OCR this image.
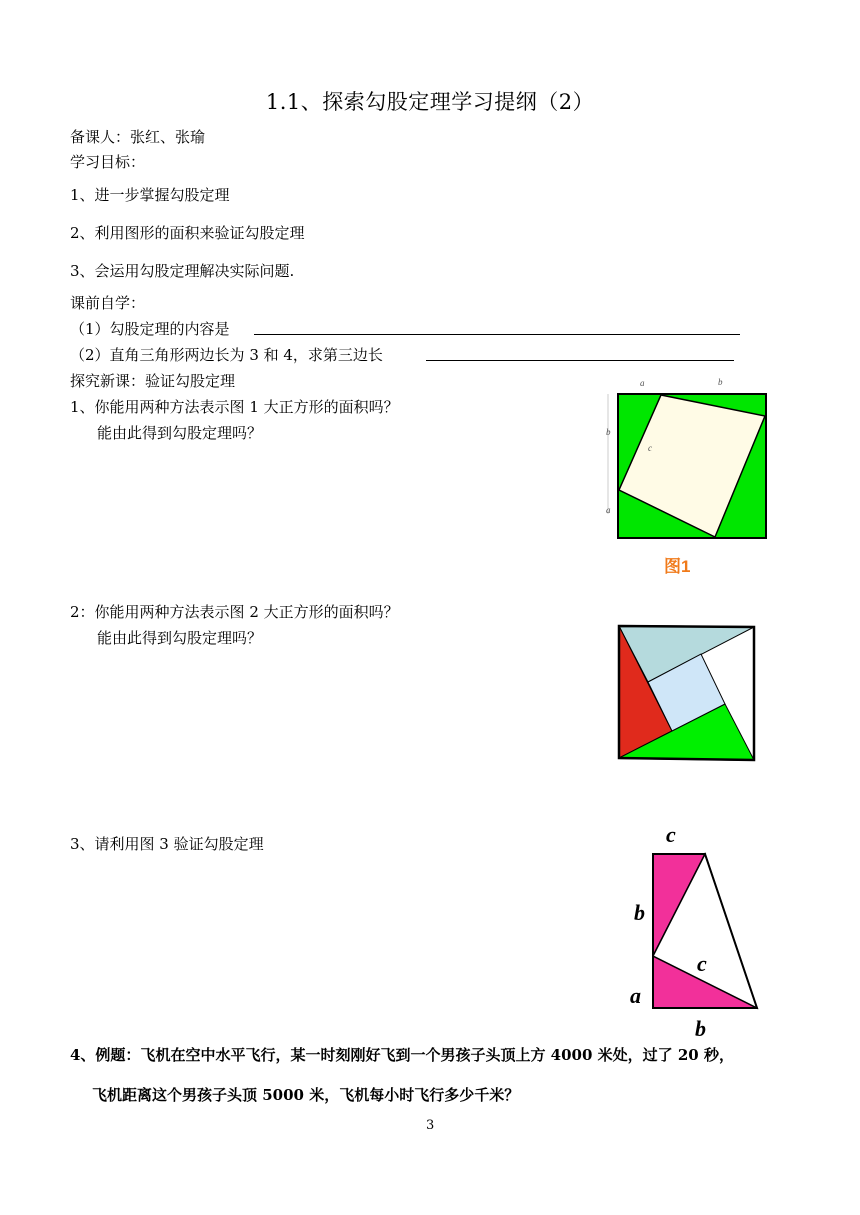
1.1、探索勾股定理学习提纲（2）
备课人：张红、张瑜
学习目标：
1、进一步掌握勾股定理
2、利用图形的面积来验证勾股定理
3、会运用勾股定理解决实际问题.
课前自学：
（1）勾股定理的内容是
（2）直角三角形两边长为 3 和 4，求第三边长
探究新课：验证勾股定理
1、你能用两种方法表示图 1 大正方形的面积吗？
能由此得到勾股定理吗？
a	b
b
a
c
图1
2：你能用两种方法表示图 2 大正方形的面积吗？
能由此得到勾股定理吗？
3、请利用图 3 验证勾股定理	c
b
c
a
b
4、例题：飞机在空中水平飞行，某一时刻刚好飞到一个男孩子头顶上方 4000 米处，过了 20 秒，
飞机距离这个男孩子头顶 5000 米，飞机每小时飞行多少千米？
3
